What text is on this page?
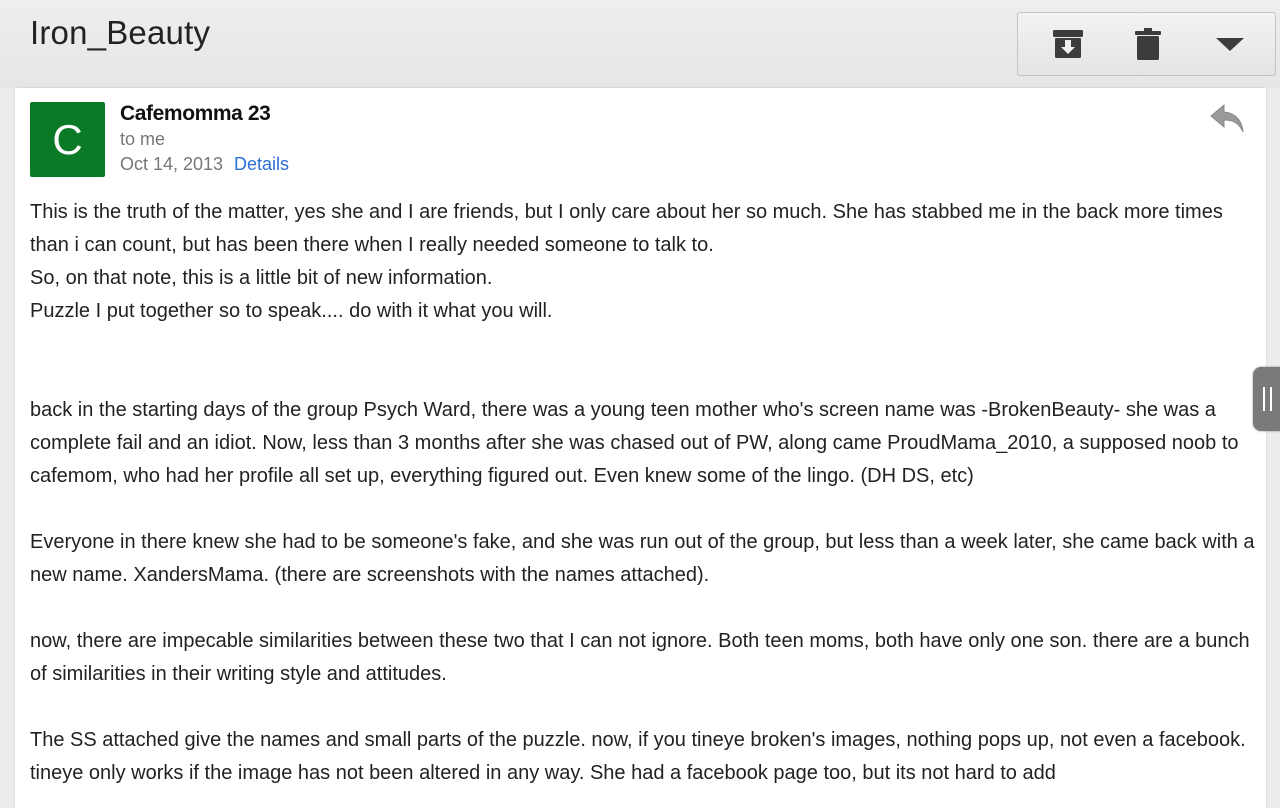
Iron_Beauty
C
Cafemomma 23
to me
Oct 14, 2013 Details

This is the truth of the matter, yes she and I are friends, but I only care about her so much. She has stabbed me in the back more times than i can count, but has been there when I really needed someone to talk to.

So, on that note, this is a little bit of new information.

Puzzle I put together so to speak.... do with it what you will.

back in the starting days of the group Psych Ward, there was a young teen mother who's screen name was -BrokenBeauty- she was a complete fail and an idiot. Now, less than 3 months after she was chased out of PW, along came ProudMama_2010, a supposed noob to cafemom, who had her profile all set up, everything figured out. Even knew some of the lingo. (DH DS, etc)

Everyone in there knew she had to be someone's fake, and she was run out of the group, but less than a week later, she came back with a new name. XandersMama. (there are screenshots with the names attached).

now, there are impecable similarities between these two that I can not ignore. Both teen moms, both have only one son. there are a bunch of similarities in their writing style and attitudes.

The SS attached give the names and small parts of the puzzle. now, if you tineye broken's images, nothing pops up, not even a facebook. tineye only works if the image has not been altered in any way. She had a facebook page too, but its not hard to add
